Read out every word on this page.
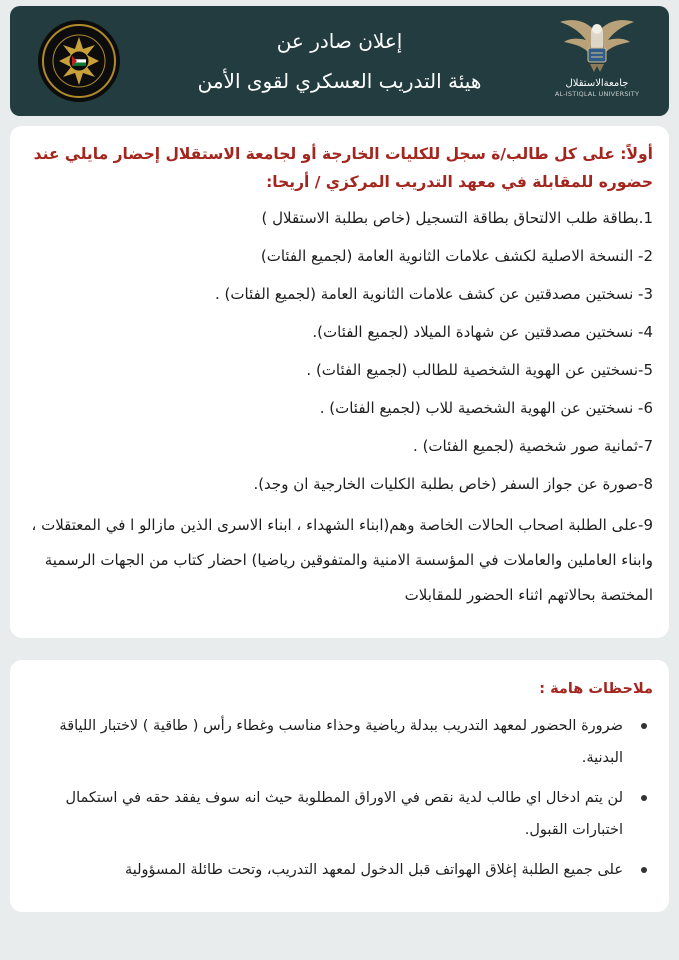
إعلان صادر عن
هيئة التدريب العسكري لقوى الأمن	جامعةالاستقلال
AL-ISTIQLAL UNIVERSITY
أولاً: على كل طالب/ة سجل للكليات الخارجة أو لجامعة الاستقلال إحضار مايلي عند حضوره للمقابلة في معهد التدريب المركزي / أريحا:
1.بطاقة طلب الالتحاق بطاقة التسجيل (خاص بطلبة الاستقلال )
2- النسخة الاصلية لكشف علامات الثانوية العامة (لجميع الفئات)
3- نسختين مصدقتين عن كشف علامات الثانوية العامة (لجميع الفئات) .
4- نسختين مصدقتين عن شهادة الميلاد (لجميع الفئات).
5-نسختين عن الهوية الشخصية للطالب (لجميع الفئات) .
6- نسختين عن الهوية الشخصية للاب (لجميع الفئات) .
7-ثمانية صور شخصية (لجميع الفئات) .
8-صورة عن جواز السفر (خاص بطلبة الكليات الخارجية ان وجد).
9-على الطلبة اصحاب الحالات الخاصة وهم(ابناء الشهداء ، ابناء الاسرى الذين مازالو ا في المعتقلات ، وابناء العاملين والعاملات في المؤسسة الامنية والمتفوقين رياضيا) احضار كتاب من الجهات الرسمية المختصة بحالاتهم اثناء الحضور للمقابلات
ملاحظات هامة :
ضرورة الحضور لمعهد التدريب ببدلة رياضية وحذاء مناسب وغطاء رأس ( طاقية ) لاختبار اللياقة البدنية.
لن يتم ادخال اي طالب لدية نقص في الاوراق المطلوبة حيث انه سوف يفقد حقه في استكمال اختبارات القبول.
على جميع الطلبة إغلاق الهواتف قبل الدخول لمعهد التدريب، وتحت طائلة المسؤولية
